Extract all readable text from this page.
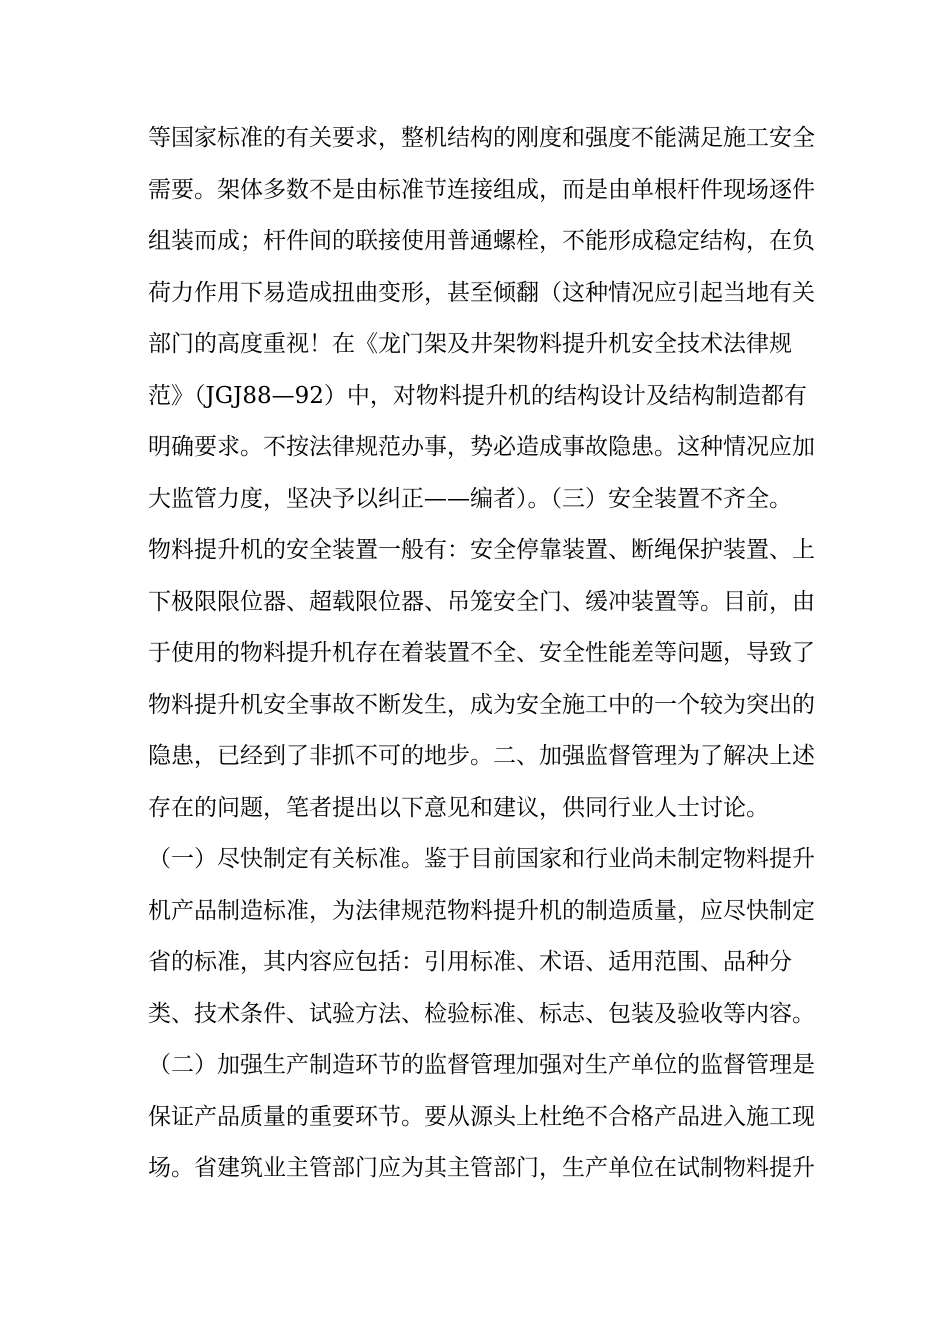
等国家标准的有关要求，整机结构的刚度和强度不能满足施工安全
需要。架体多数不是由标准节连接组成，而是由单根杆件现场逐件
组装而成；杆件间的联接使用普通螺栓，不能形成稳定结构，在负
荷力作用下易造成扭曲变形，甚至倾翻（这种情况应引起当地有关
部门的高度重视！在《龙门架及井架物料提升机安全技术法律规
范》（JGJ88—92）中，对物料提升机的结构设计及结构制造都有
明确要求。不按法律规范办事，势必造成事故隐患。这种情况应加
大监管力度，坚决予以纠正——编者）。（三）安全装置不齐全。
物料提升机的安全装置一般有：安全停靠装置、断绳保护装置、上
下极限限位器、超载限位器、吊笼安全门、缓冲装置等。目前，由
于使用的物料提升机存在着装置不全、安全性能差等问题，导致了
物料提升机安全事故不断发生，成为安全施工中的一个较为突出的
隐患，已经到了非抓不可的地步。二、加强监督管理为了解决上述
存在的问题，笔者提出以下意见和建议，供同行业人士讨论。
（一）尽快制定有关标准。鉴于目前国家和行业尚未制定物料提升
机产品制造标准，为法律规范物料提升机的制造质量，应尽快制定
省的标准，其内容应包括：引用标准、术语、适用范围、品种分
类、技术条件、试验方法、检验标准、标志、包装及验收等内容。
（二）加强生产制造环节的监督管理加强对生产单位的监督管理是
保证产品质量的重要环节。要从源头上杜绝不合格产品进入施工现
场。省建筑业主管部门应为其主管部门，生产单位在试制物料提升
